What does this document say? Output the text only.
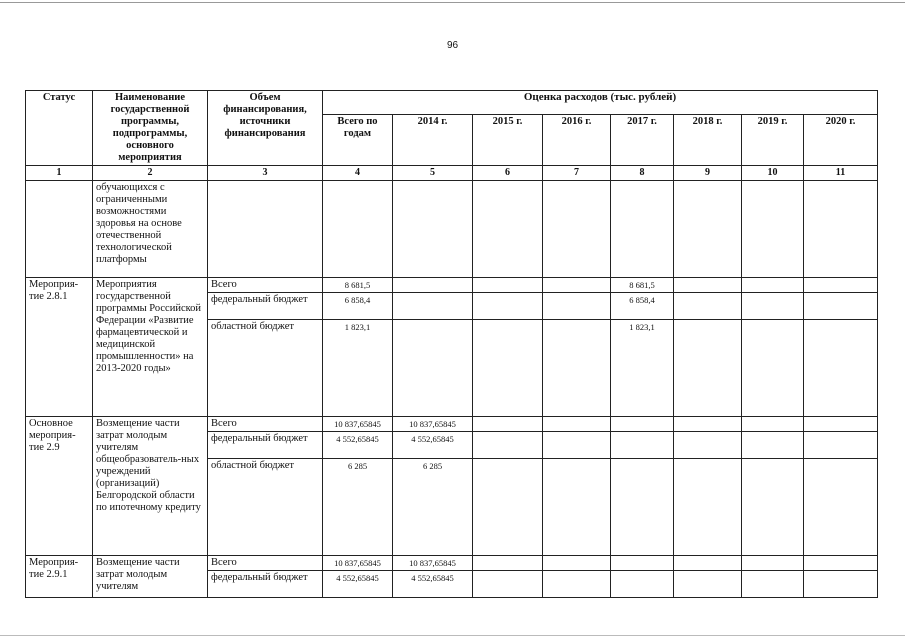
96
Статус	Наименование государственной программы, подпрограммы, основного мероприятия	Объем финансирования, источники финансирования	Оценка расходов (тыс. рублей)							
			Всего по годам	2014 г.	2015 г.	2016 г.	2017 г.	2018 г.	2019 г.	2020 г.
1	2	3	4	5	6	7	8	9	10	11
	обучающихся с ограниченными возможностями здоровья на основе отечественной технологической платформы									
Мероприя-тие 2.8.1	Мероприятия государственной программы Российской Федерации «Развитие фармацевтической и медицинской промышленности» на 2013-2020 годы»	Всего	8 681,5				8 681,5			
		федеральный бюджет	6 858,4				6 858,4			
		областной бюджет	1 823,1				1 823,1			
Основное мероприя-тие 2.9	Возмещение части затрат молодым учителям общеобразователь-ных учреждений (организаций) Белгородской области по ипотечному кредиту	Всего	10 837,65845	10 837,65845						
		федеральный бюджет	4 552,65845	4 552,65845						
		областной бюджет	6 285	6 285						
Мероприя-тие 2.9.1	Возмещение части затрат молодым учителям	Всего	10 837,65845	10 837,65845						
		федеральный бюджет	4 552,65845	4 552,65845						
